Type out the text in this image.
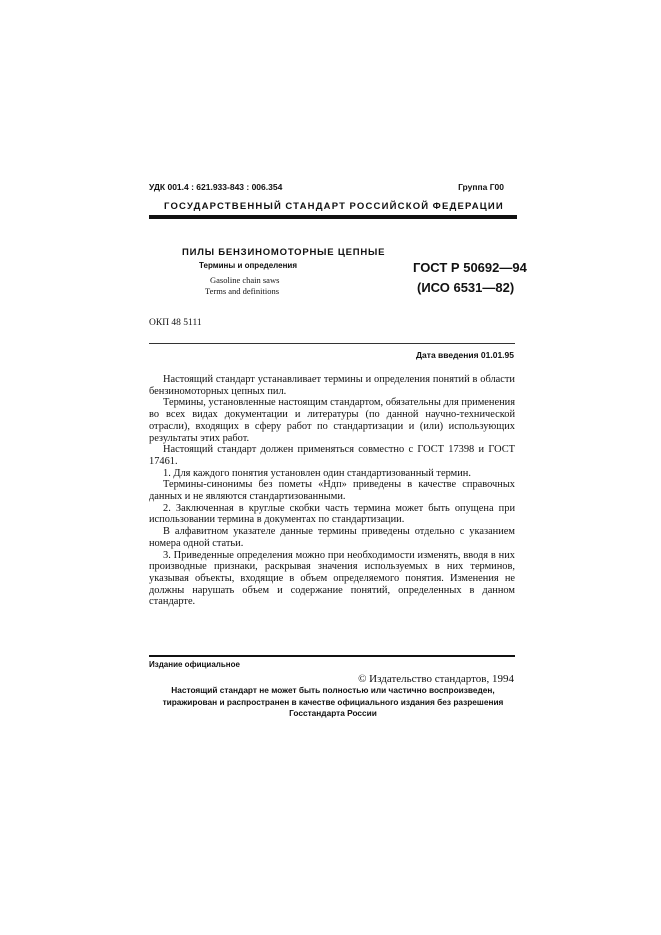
УДК 001.4 : 621.933-843 : 006.354	Группа Г00
ГОСУДАРСТВЕННЫЙ СТАНДАРТ РОССИЙСКОЙ ФЕДЕРАЦИИ
ПИЛЫ БЕНЗИНОМОТОРНЫЕ ЦЕПНЫЕ
Термины и определения
Gasoline chain saws
Terms and definitions
ГОСТ Р 50692—94
(ИСО 6531—82)
ОКП 48 5111
Дата введения 01.01.95

Настоящий стандарт устанавливает термины и определения понятий в области бензиномоторных цепных пил.

Термины, установленные настоящим стандартом, обязательны для применения во всех видах документации и литературы (по данной научно-технической отрасли), входящих в сферу работ по стандартизации и (или) использующих результаты этих работ.

Настоящий стандарт должен применяться совместно с ГОСТ 17398 и ГОСТ 17461.

1. Для каждого понятия установлен один стандартизованный термин.

Термины-синонимы без пометы «Ндп» приведены в качестве справочных данных и не являются стандартизованными.

2. Заключенная в круглые скобки часть термина может быть опущена при использовании термина в документах по стандартизации.

В алфавитном указателе данные термины приведены отдельно с указанием номера одной статьи.

3. Приведенные определения можно при необходимости изменять, вводя в них производные признаки, раскрывая значения используемых в них терминов, указывая объекты, входящие в объем определяемого понятия. Изменения не должны нарушать объем и содержание понятий, определенных в данном стандарте.

Издание официальное
© Издательство стандартов, 1994
Настоящий стандарт не может быть полностью или частично воспроизведен,
тиражирован и распространен в качестве официального издания без разрешения
Госстандарта России
